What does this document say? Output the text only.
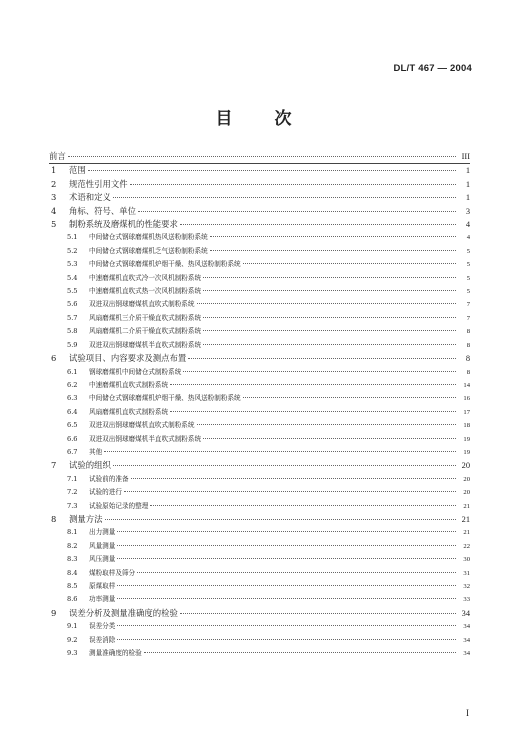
DL/T 467 — 2004
目 次
前言	III
1	范围	1
2	规范性引用文件	1
3	术语和定义	1
4	角标、符号、单位	3
5	制粉系统及磨煤机的性能要求	4
5.1	中间储仓式钢球磨煤机热风送粉制粉系统	4
5.2	中间储仓式钢球磨煤机乏气送粉制粉系统	5
5.3	中间储仓式钢球磨煤机炉烟干燥、热风送粉制粉系统	5
5.4	中速磨煤机直吹式冷一次风机制粉系统	5
5.5	中速磨煤机直吹式热一次风机制粉系统	5
5.6	双进双出钢球磨煤机直吹式制粉系统	7
5.7	风扇磨煤机三介质干燥直吹式制粉系统	7
5.8	风扇磨煤机二介质干燥直吹式制粉系统	8
5.9	双进双出钢球磨煤机半直吹式制粉系统	8
6	试验项目、内容要求及测点布置	8
6.1	钢球磨煤机中间储仓式制粉系统	8
6.2	中速磨煤机直吹式制粉系统	14
6.3	中间储仓式钢球磨煤机炉烟干燥、热风送粉制粉系统	16
6.4	风扇磨煤机直吹式制粉系统	17
6.5	双进双出钢球磨煤机直吹式制粉系统	18
6.6	双进双出钢球磨煤机半直吹式制粉系统	19
6.7	其他	19
7	试验的组织	20
7.1	试验前的准备	20
7.2	试验的进行	20
7.3	试验原始记录的整理	21
8	测量方法	21
8.1	出力测量	21
8.2	风量测量	22
8.3	风压测量	30
8.4	煤粉取样及筛分	31
8.5	原煤取样	32
8.6	功率测量	33
9	误差分析及测量准确度的检验	34
9.1	误差分类	34
9.2	误差消除	34
9.3	测量准确度的检验	34
I
